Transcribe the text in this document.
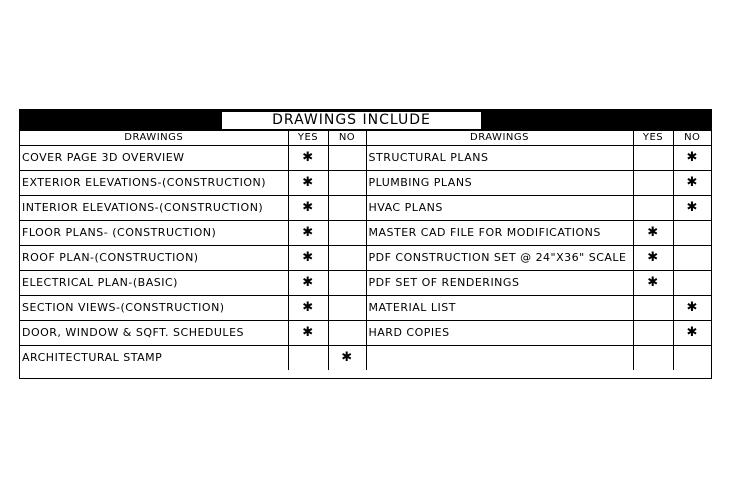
DRAWINGS INCLUDE
DRAWINGS	YES	NO	DRAWINGS	YES	NO
COVER PAGE 3D OVERVIEW	✱		STRUCTURAL PLANS		✱
EXTERIOR ELEVATIONS-(CONSTRUCTION)	✱		PLUMBING PLANS		✱
INTERIOR ELEVATIONS-(CONSTRUCTION)	✱		HVAC PLANS		✱
FLOOR PLANS- (CONSTRUCTION)	✱		MASTER CAD FILE FOR MODIFICATIONS	✱	
ROOF PLAN-(CONSTRUCTION)	✱		PDF CONSTRUCTION SET @ 24"X36" SCALE	✱	
ELECTRICAL PLAN-(BASIC)	✱		PDF SET OF RENDERINGS	✱	
SECTION VIEWS-(CONSTRUCTION)	✱		MATERIAL LIST		✱
DOOR, WINDOW & SQFT. SCHEDULES	✱		HARD COPIES		✱
ARCHITECTURAL STAMP		✱			
